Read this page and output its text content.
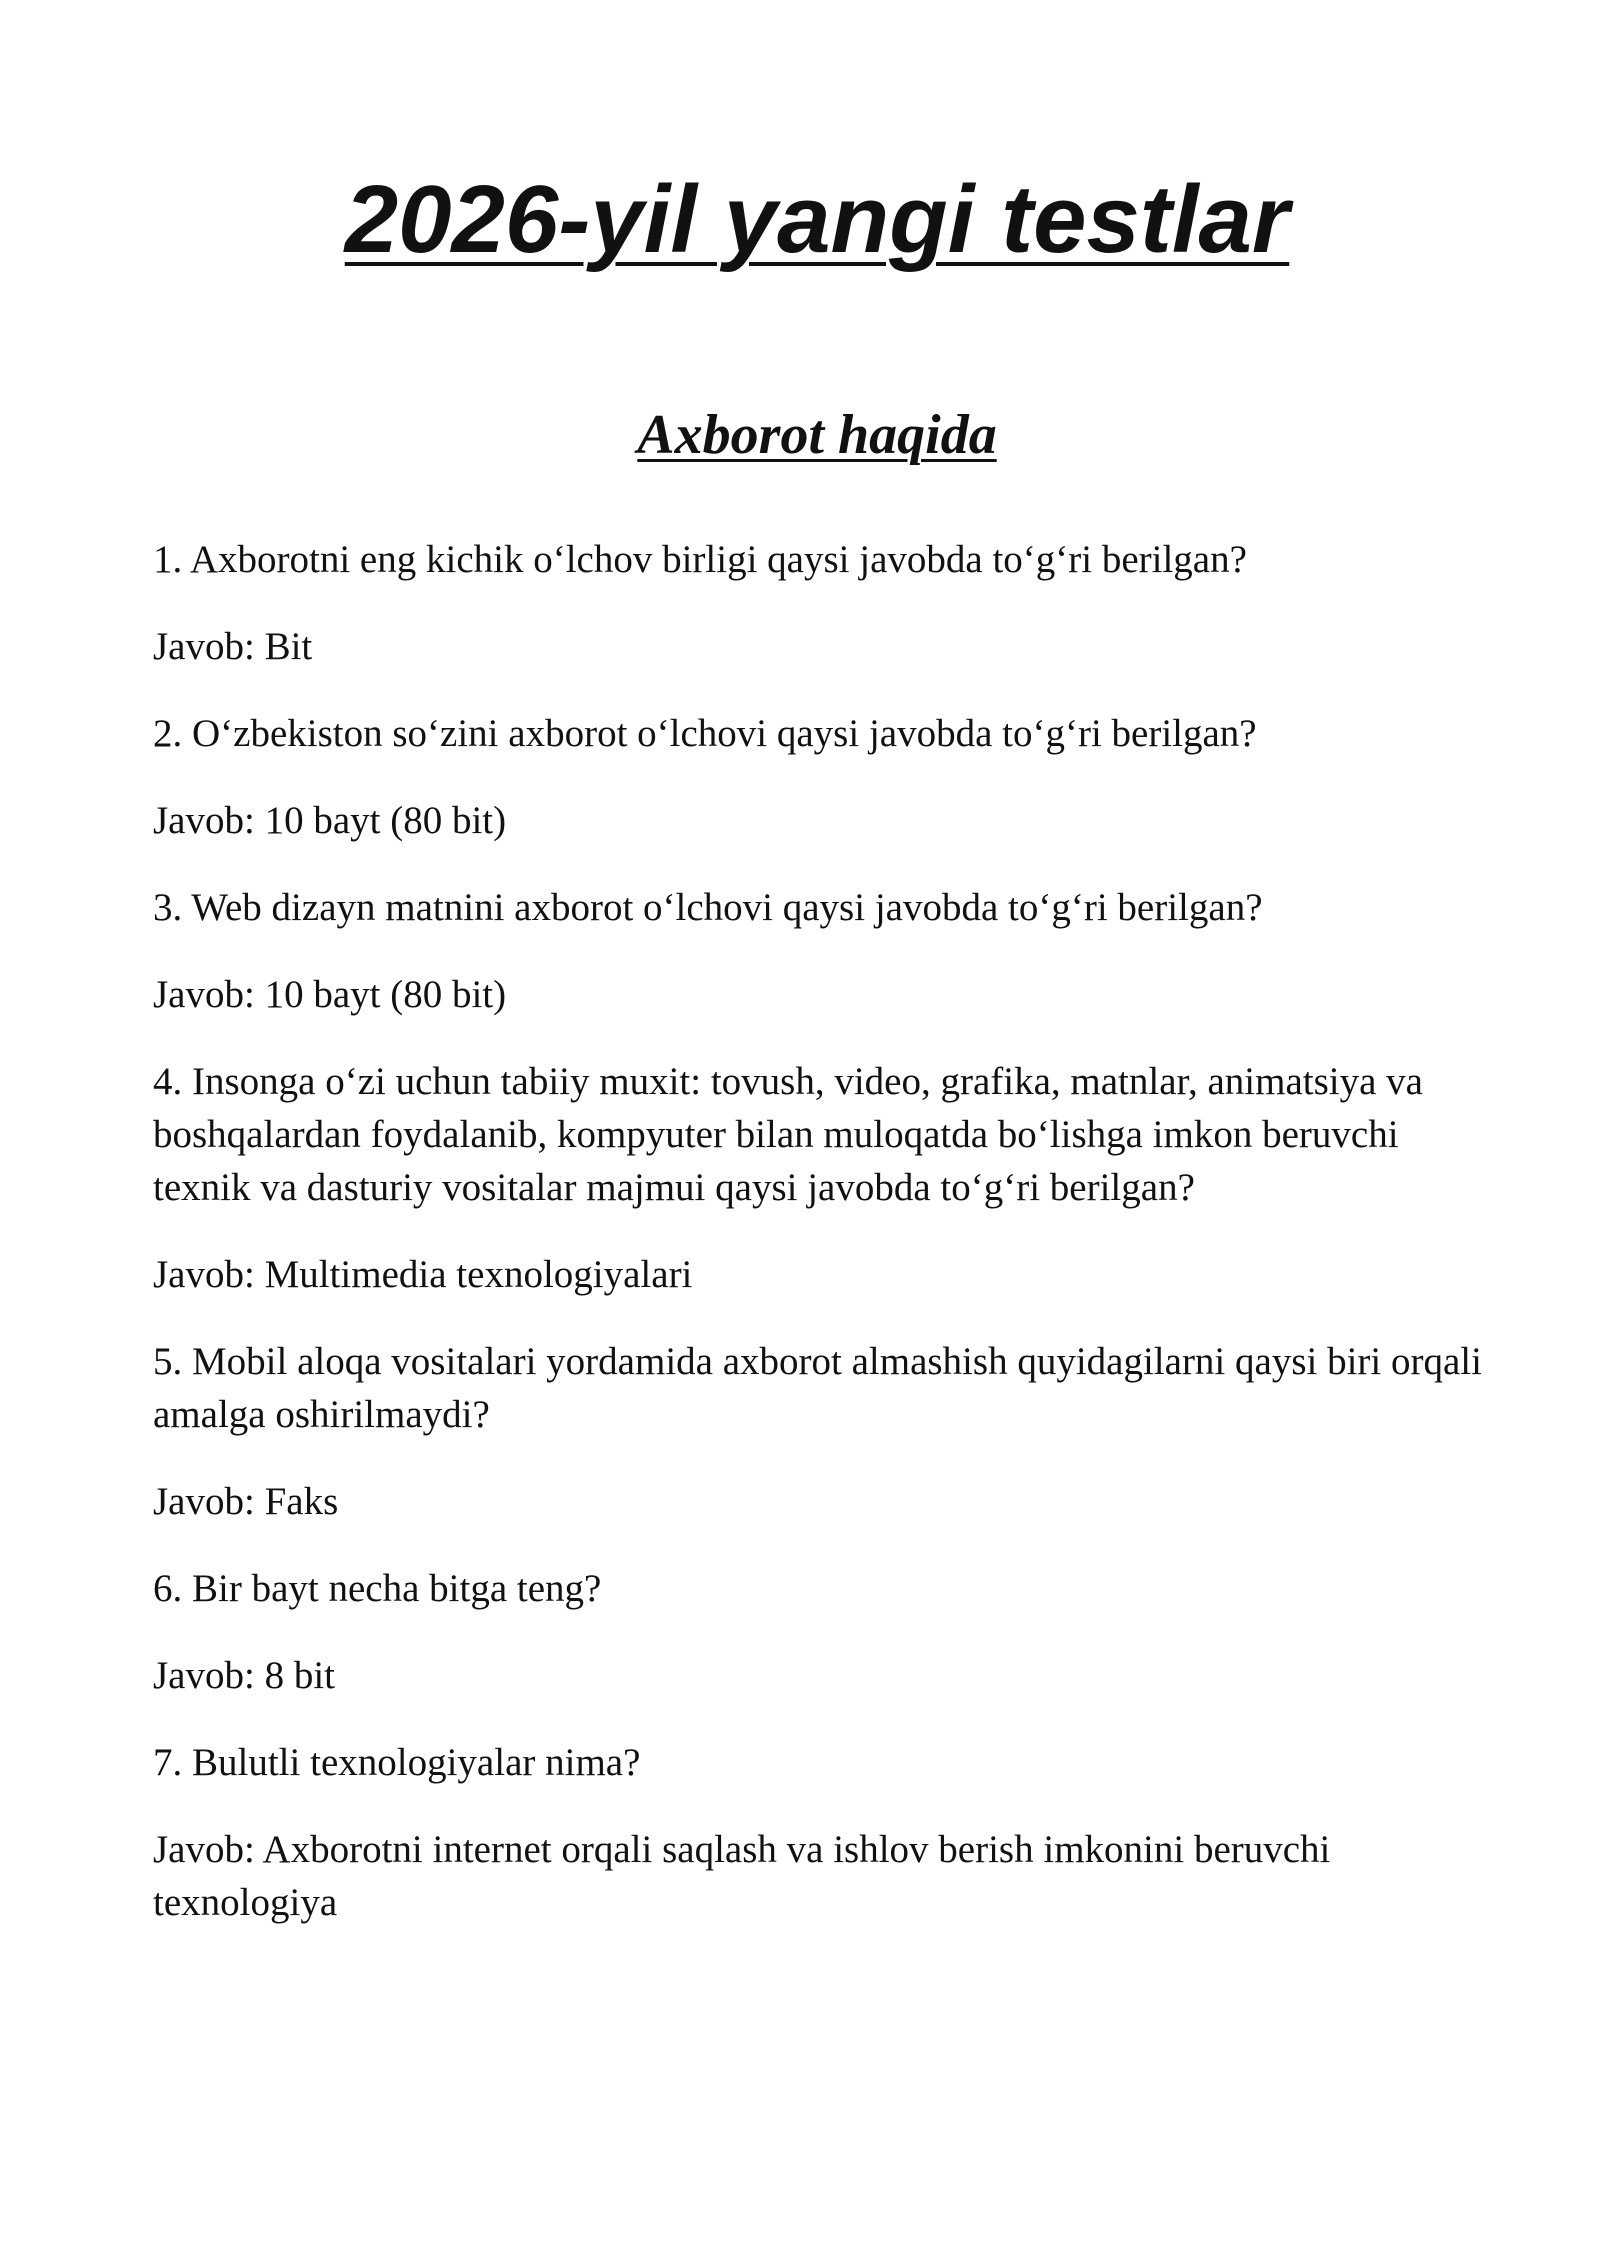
2026-yil yangi testlar
Axborot haqida

1. Axborotni eng kichik o‘lchov birligi qaysi javobda to‘g‘ri berilgan?

Javob: Bit

2. O‘zbekiston so‘zini axborot o‘lchovi qaysi javobda to‘g‘ri berilgan?

Javob: 10 bayt (80 bit)

3. Web dizayn matnini axborot o‘lchovi qaysi javobda to‘g‘ri berilgan?

Javob: 10 bayt (80 bit)

4. Insonga o‘zi uchun tabiiy muxit: tovush, video, grafika, matnlar, animatsiya va boshqalardan foydalanib, kompyuter bilan muloqatda bo‘lishga imkon beruvchi texnik va dasturiy vositalar majmui qaysi javobda to‘g‘ri berilgan?

Javob: Multimedia texnologiyalari

5. Mobil aloqa vositalari yordamida axborot almashish quyidagilarni qaysi biri orqali amalga oshirilmaydi?

Javob: Faks

6. Bir bayt necha bitga teng?

Javob: 8 bit

7. Bulutli texnologiyalar nima?

Javob: Axborotni internet orqali saqlash va ishlov berish imkonini beruvchi texnologiya
